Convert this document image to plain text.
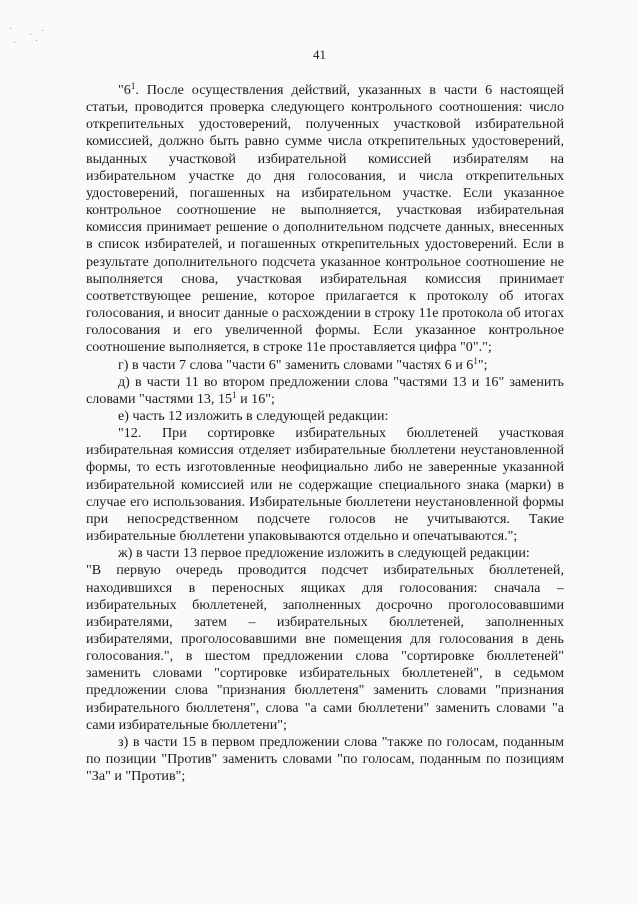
41

"$6^1$. После осуществления действий, указанных в части 6 настоящей статьи, проводится проверка следующего контрольного соотношения: число открепительных удостоверений, полученных участковой избирательной комиссией, должно быть равно сумме числа открепительных удостоверений, выданных участковой избирательной комиссией избирателям на избирательном участке до дня голосования, и числа открепительных удостоверений, погашенных на избирательном участке. Если указанное контрольное соотношение не выполняется, участковая избирательная комиссия принимает решение о дополнительном подсчете данных, внесенных в список избирателей, и погашенных открепительных удостоверений. Если в результате дополнительного подсчета указанное контрольное соотношение не выполняется снова, участковая избирательная комиссия принимает соответствующее решение, которое прилагается к протоколу об итогах голосования, и вносит данные о расхождении в строку 11е протокола об итогах голосования и его увеличенной формы. Если указанное контрольное соотношение выполняется, в строке 11е проставляется цифра "0".";

г) в части 7 слова "части 6" заменить словами "частях 6 и $6^1$";

д) в части 11 во втором предложении слова "частями 13 и 16" заменить словами "частями 13, $15^1$ и 16";

е) часть 12 изложить в следующей редакции:

"12. При сортировке избирательных бюллетеней участковая избирательная комиссия отделяет избирательные бюллетени неустановленной формы, то есть изготовленные неофициально либо не заверенные указанной избирательной комиссией или не содержащие специального знака (марки) в случае его использования. Избирательные бюллетени неустановленной формы при непосредственном подсчете голосов не учитываются. Такие избирательные бюллетени упаковываются отдельно и опечатываются.";

ж) в части 13 первое предложение изложить в следующей редакции:

"В первую очередь проводится подсчет избирательных бюллетеней, находившихся в переносных ящиках для голосования: сначала – избирательных бюллетеней, заполненных досрочно проголосовавшими избирателями, затем – избирательных бюллетеней, заполненных избирателями, проголосовавшими вне помещения для голосования в день голосования.", в шестом предложении слова "сортировке бюллетеней" заменить словами "сортировке избирательных бюллетеней", в седьмом предложении слова "признания бюллетеня" заменить словами "признания избирательного бюллетеня", слова "а сами бюллетени" заменить словами "а сами избирательные бюллетени";

з) в части 15 в первом предложении слова "также по голосам, поданным по позиции "Против" заменить словами "по голосам, поданным по позициям "За" и "Против";
